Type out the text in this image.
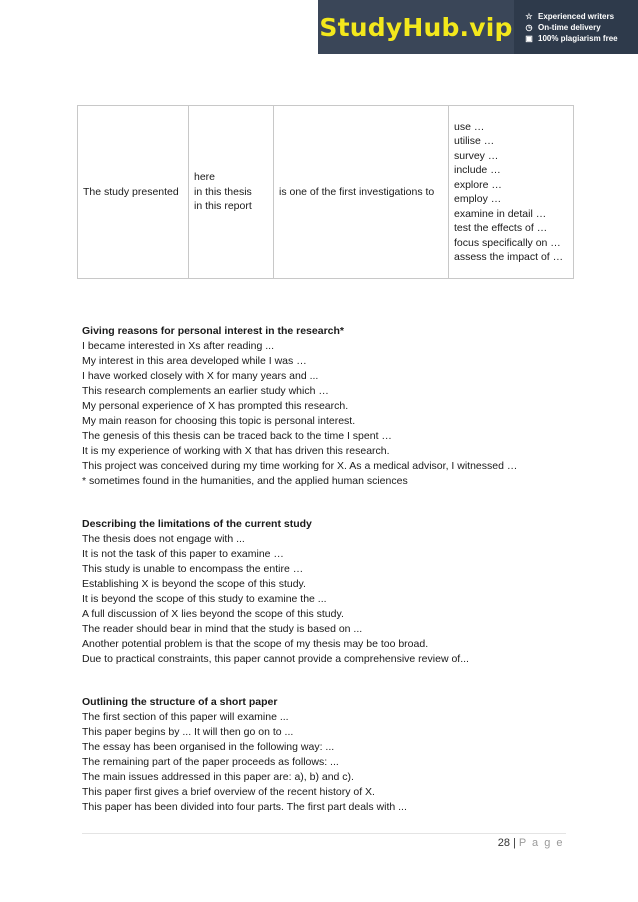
StudyHub.vip ☆ Experienced writers
◷ On-time delivery
▣ 100% plagiarism free
The study presented

here
in this thesis
in this report

is one of the first investigations to

use …
utilise …
survey …
include …
explore …
employ …
examine in detail …
test the effects of …
focus specifically on …
assess the impact of …
Giving reasons for personal interest in the research*
I became interested in Xs after reading ...
My interest in this area developed while I was …
I have worked closely with X for many years and ...
This research complements an earlier study which …
My personal experience of X has prompted this research.
My main reason for choosing this topic is personal interest.
The genesis of this thesis can be traced back to the time I spent …
It is my experience of working with X that has driven this research.
This project was conceived during my time working for X. As a medical advisor, I witnessed …
* sometimes found in the humanities, and the applied human sciences
Describing the limitations of the current study
The thesis does not engage with ...
It is not the task of this paper to examine …
This study is unable to encompass the entire …
Establishing X is beyond the scope of this study.
It is beyond the scope of this study to examine the ...
A full discussion of X lies beyond the scope of this study.
The reader should bear in mind that the study is based on ...
Another potential problem is that the scope of my thesis may be too broad.
Due to practical constraints, this paper cannot provide a comprehensive review of...
Outlining the structure of a short paper
The first section of this paper will examine ...
This paper begins by ... It will then go on to ...
The essay has been organised in the following way: ...
The remaining part of the paper proceeds as follows: ...
The main issues addressed in this paper are: a), b) and c).
This paper first gives a brief overview of the recent history of X.
This paper has been divided into four parts. The first part deals with ...
28 | P a g e
